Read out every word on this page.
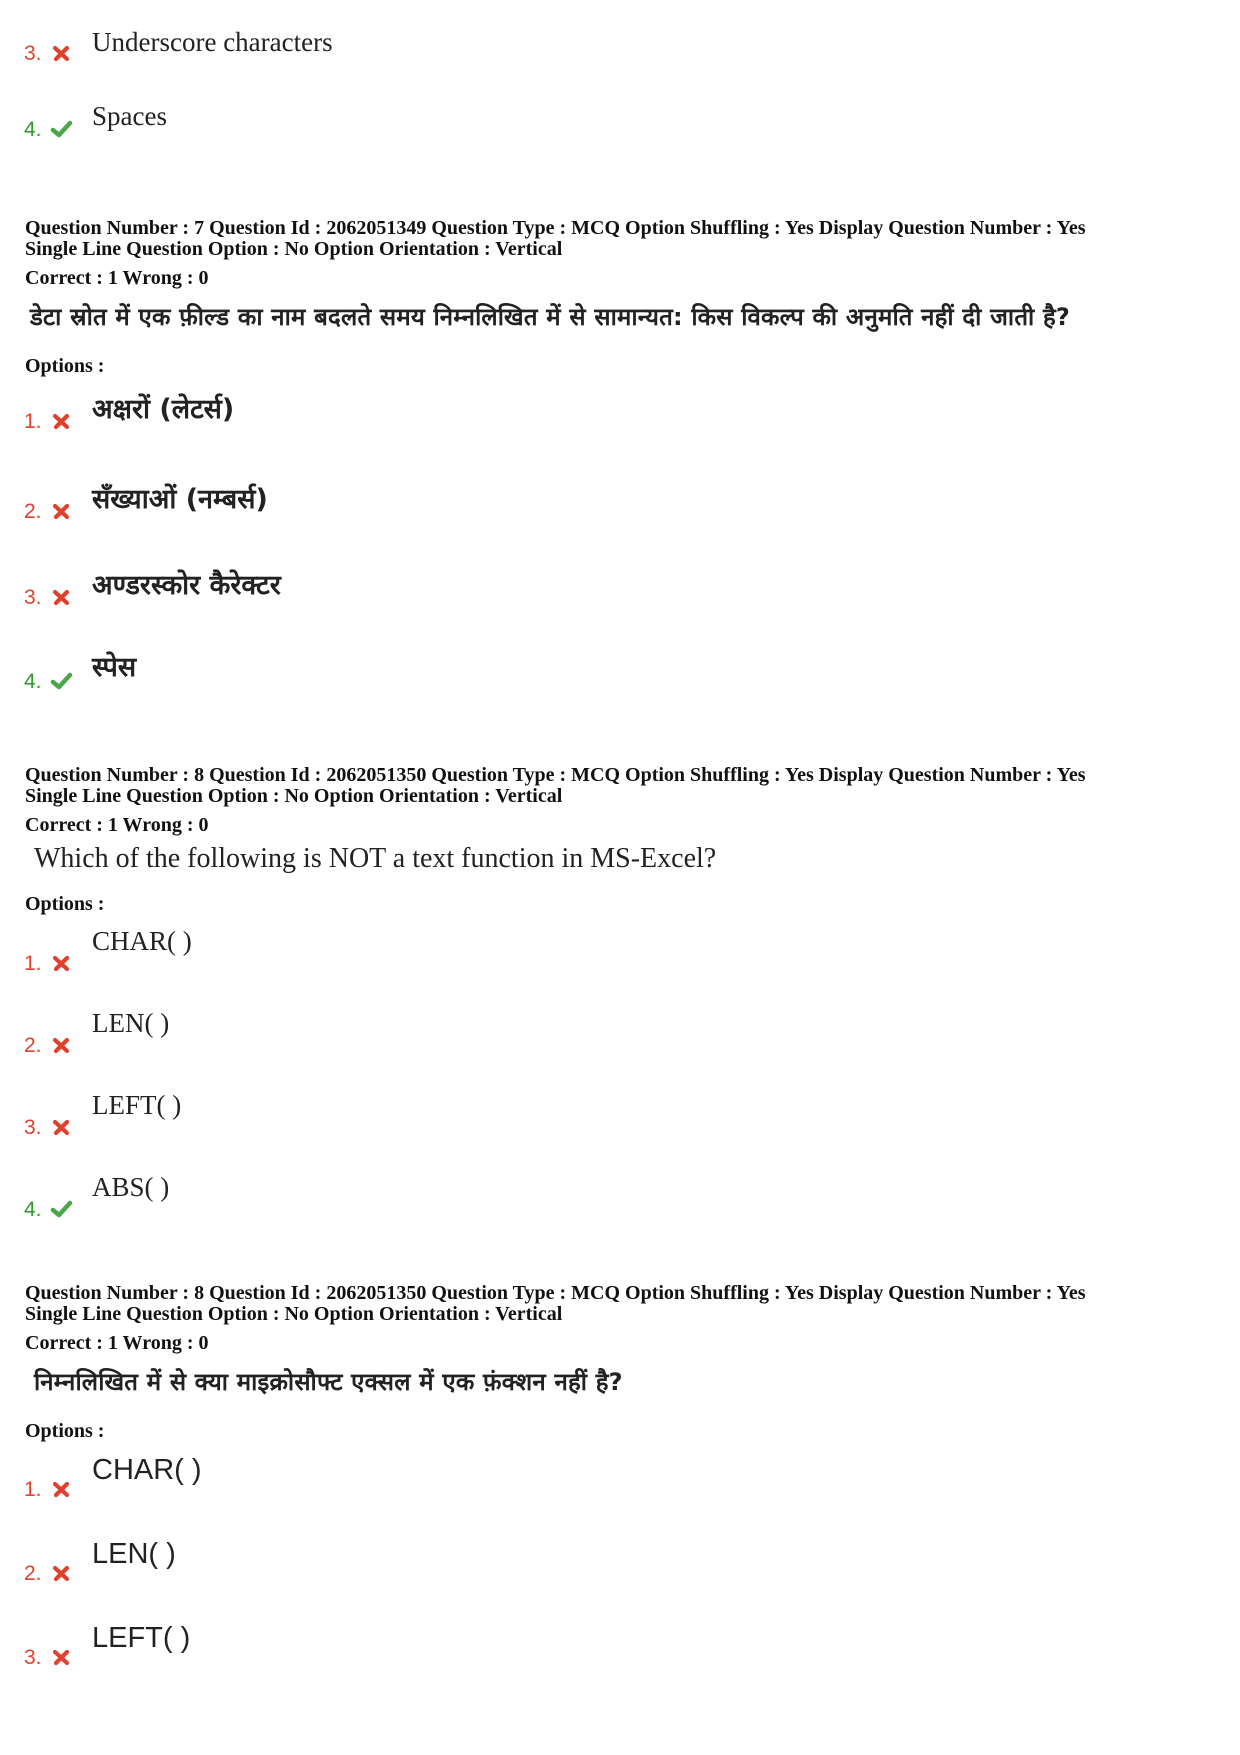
3. Underscore characters
4. Spaces
Question Number : 7 Question Id : 2062051349 Question Type : MCQ Option Shuffling : Yes Display Question Number : Yes
Single Line Question Option : No Option Orientation : Vertical
Correct : 1 Wrong : 0
डेटा स्रोत में एक फ़ील्ड का नाम बदलते समय निम्नलिखित में से सामान्यत: किस विकल्प की अनुमति नहीं दी जाती है?
Options :
1. अक्षरों (लेटर्स)
2. सँख्याओं (नम्बर्स)
3. अण्डरस्कोर कैरेक्टर
4. स्पेस
Question Number : 8 Question Id : 2062051350 Question Type : MCQ Option Shuffling : Yes Display Question Number : Yes
Single Line Question Option : No Option Orientation : Vertical
Correct : 1 Wrong : 0
Which of the following is NOT a text function in MS-Excel?
Options :
1.
CHAR( )
2.
LEN( )
3.
LEFT( )
4.
ABS( )
Question Number : 8 Question Id : 2062051350 Question Type : MCQ Option Shuffling : Yes Display Question Number : Yes
Single Line Question Option : No Option Orientation : Vertical
Correct : 1 Wrong : 0
निम्नलिखित में से क्या माइक्रोसौफ्ट एक्सल में एक फ़ंक्शन नहीं है?
Options :
1.
CHAR( )
2.
LEN( )
3.
LEFT( )
